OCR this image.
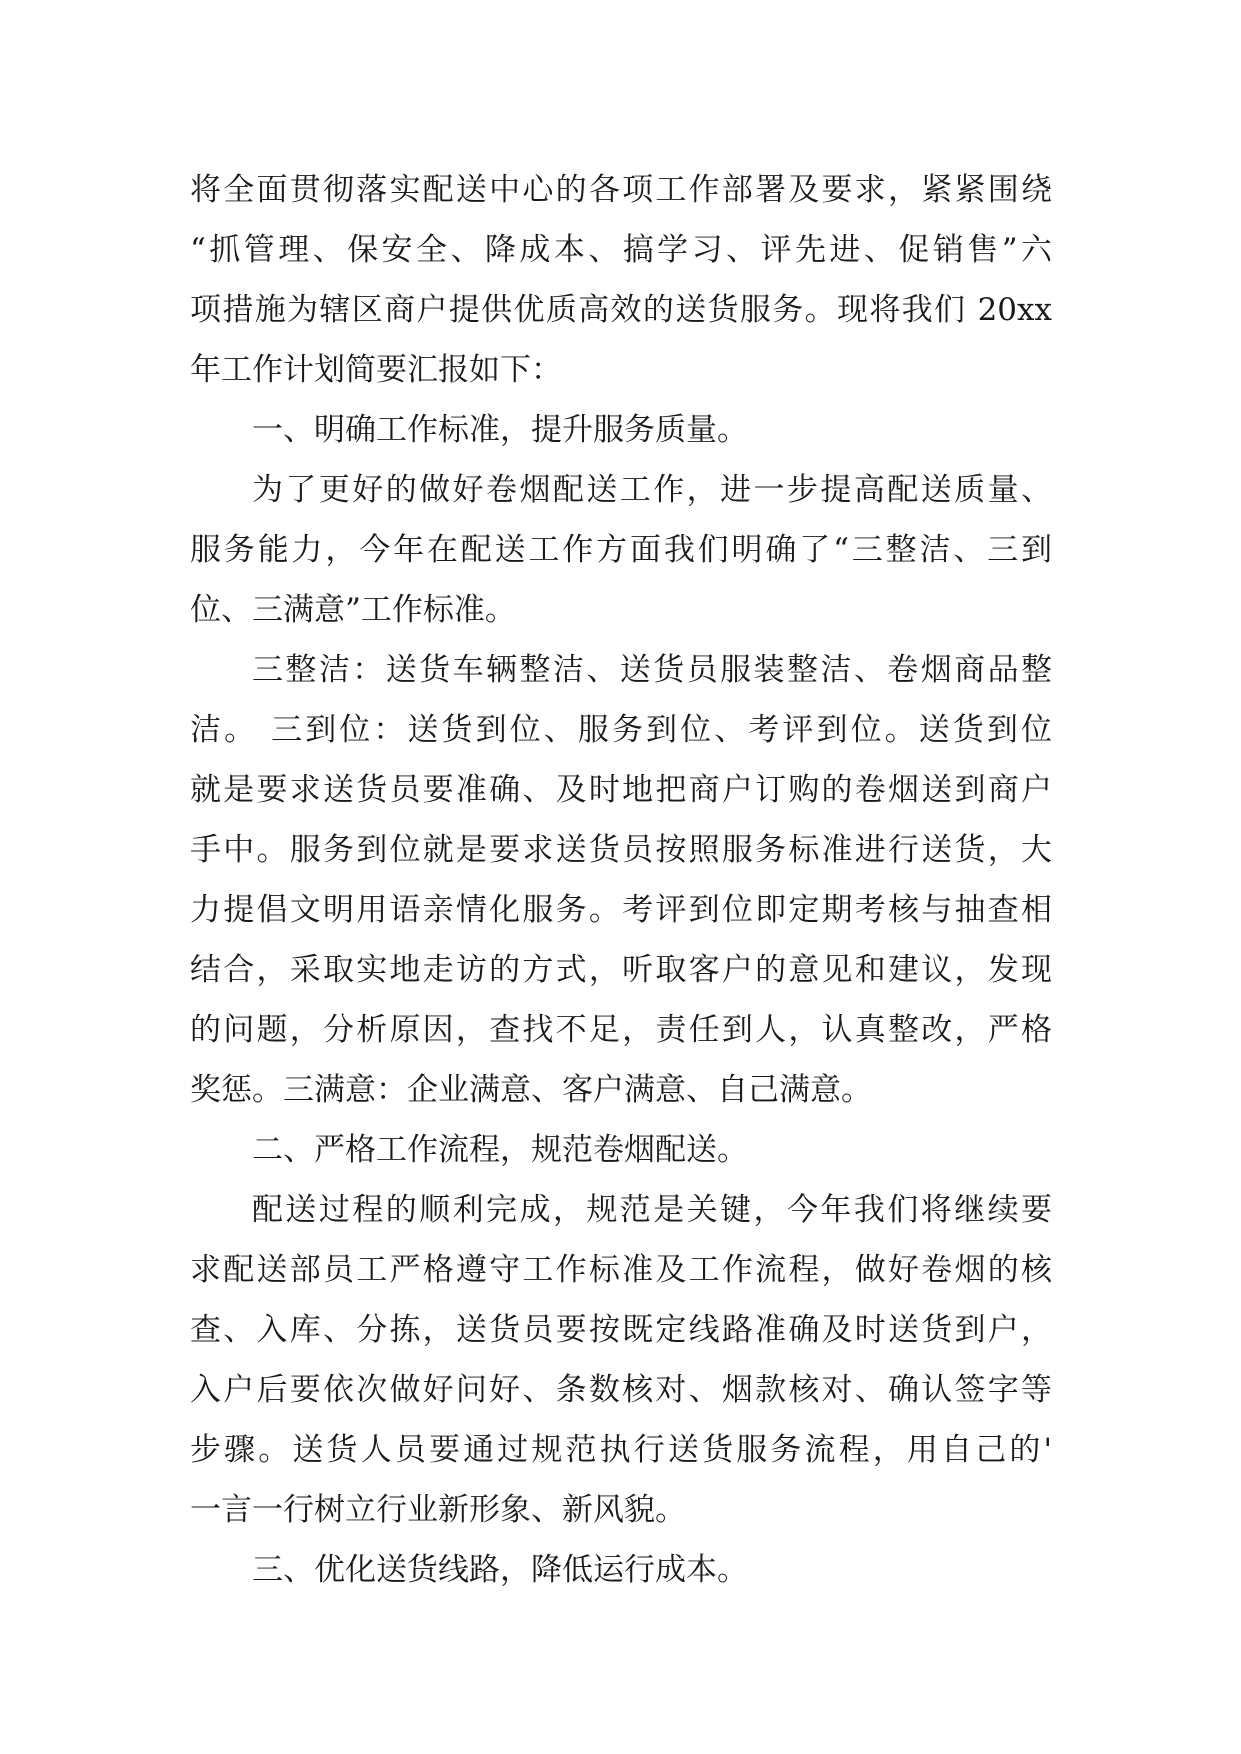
将全面贯彻落实配送中心的各项工作部署及要求，紧紧围绕
“抓管理、保安全、降成本、搞学习、评先进、促销售”六
项措施为辖区商户提供优质高效的送货服务。现将我们 20xx
年工作计划简要汇报如下：
一、明确工作标准，提升服务质量。
为了更好的做好卷烟配送工作，进一步提高配送质量、
服务能力，今年在配送工作方面我们明确了“三整洁、三到
位、三满意”工作标准。
三整洁：送货车辆整洁、送货员服装整洁、卷烟商品整
洁。 三到位：送货到位、服务到位、考评到位。送货到位
就是要求送货员要准确、及时地把商户订购的卷烟送到商户
手中。服务到位就是要求送货员按照服务标准进行送货，大
力提倡文明用语亲情化服务。考评到位即定期考核与抽查相
结合，采取实地走访的方式，听取客户的意见和建议，发现
的问题，分析原因，查找不足，责任到人，认真整改，严格
奖惩。三满意：企业满意、客户满意、自己满意。
二、严格工作流程，规范卷烟配送。
配送过程的顺利完成，规范是关键，今年我们将继续要
求配送部员工严格遵守工作标准及工作流程，做好卷烟的核
查、入库、分拣，送货员要按既定线路准确及时送货到户，
入户后要依次做好问好、条数核对、烟款核对、确认签字等
步骤。送货人员要通过规范执行送货服务流程，用自己的'
一言一行树立行业新形象、新风貌。
三、优化送货线路，降低运行成本。
